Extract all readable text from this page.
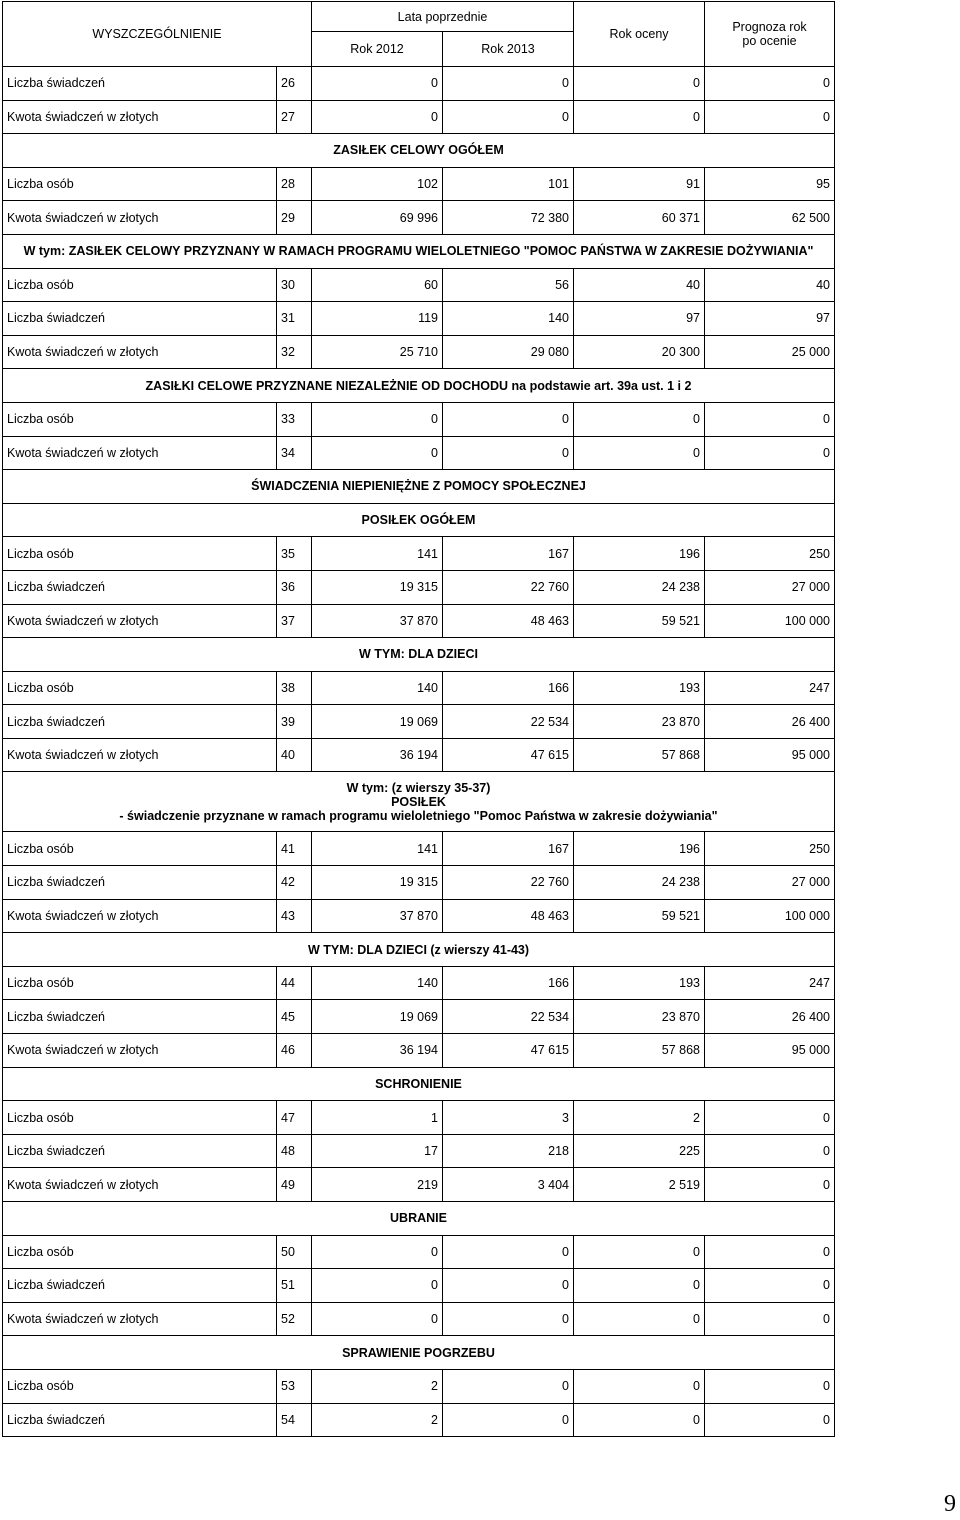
WYSZCZEGÓLNIENIE		Lata poprzednie		Rok oceny	Prognoza rok
po ocenie

		Rok 2012	Rok 2013		
Liczba świadczeń	26	0	0	0	0
Kwota świadczeń w złotych	27	0	0	0	0

ZASIŁEK CELOWY OGÓŁEM					

Liczba osób	28	102	101	91	95
Kwota świadczeń w złotych	29	69 996	72 380	60 371	62 500

W tym: ZASIŁEK CELOWY PRZYZNANY W RAMACH PROGRAMU WIELOLETNIEGO "POMOC PAŃSTWA W ZAKRESIE DOŻYWIANIA"					

Liczba osób	30	60	56	40	40
Liczba świadczeń	31	119	140	97	97
Kwota świadczeń w złotych	32	25 710	29 080	20 300	25 000

ZASIŁKI CELOWE PRZYZNANE NIEZALEŻNIE OD DOCHODU na podstawie art. 39a ust. 1 i 2					

Liczba osób	33	0	0	0	0
Kwota świadczeń w złotych	34	0	0	0	0

ŚWIADCZENIA NIEPIENIĘŻNE Z POMOCY SPOŁECZNEJ					

POSIŁEK OGÓŁEM					

Liczba osób	35	141	167	196	250
Liczba świadczeń	36	19 315	22 760	24 238	27 000
Kwota świadczeń w złotych	37	37 870	48 463	59 521	100 000

W TYM: DLA DZIECI					

Liczba osób	38	140	166	193	247
Liczba świadczeń	39	19 069	22 534	23 870	26 400
Kwota świadczeń w złotych	40	36 194	47 615	57 868	95 000

W tym: (z wierszy 35-37)
POSIŁEK
- świadczenie przyznane w ramach programu wieloletniego "Pomoc Państwa w zakresie dożywiania"					

Liczba osób	41	141	167	196	250
Liczba świadczeń	42	19 315	22 760	24 238	27 000
Kwota świadczeń w złotych	43	37 870	48 463	59 521	100 000

W TYM: DLA DZIECI (z wierszy 41-43)					

Liczba osób	44	140	166	193	247
Liczba świadczeń	45	19 069	22 534	23 870	26 400
Kwota świadczeń w złotych	46	36 194	47 615	57 868	95 000

SCHRONIENIE					

Liczba osób	47	1	3	2	0
Liczba świadczeń	48	17	218	225	0
Kwota świadczeń w złotych	49	219	3 404	2 519	0

UBRANIE					

Liczba osób	50	0	0	0	0
Liczba świadczeń	51	0	0	0	0
Kwota świadczeń w złotych	52	0	0	0	0

SPRAWIENIE POGRZEBU					

Liczba osób	53	2	0	0	0
Liczba świadczeń	54	2	0	0	0
9
